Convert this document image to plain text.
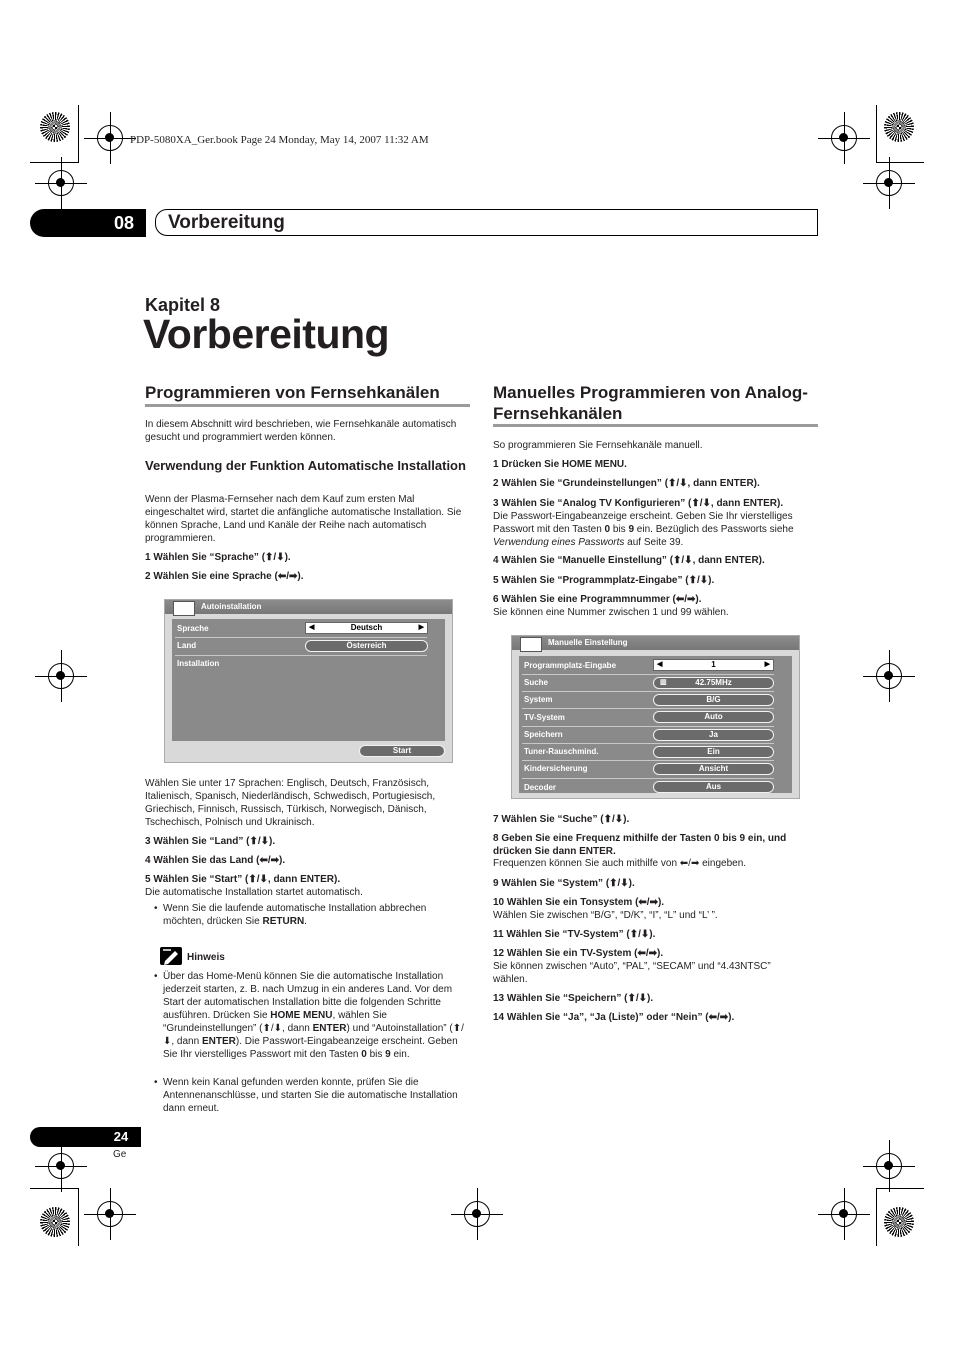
PDP-5080XA_Ger.book Page 24 Monday, May 14, 2007 11:32 AM
08	Vorbereitung
Kapitel 8
Vorbereitung
Programmieren von Fernsehkanälen
In diesem Abschnitt wird beschrieben, wie Fernsehkanäle automatisch gesucht und programmiert werden können.
Verwendung der Funktion Automatische Installation
Wenn der Plasma-Fernseher nach dem Kauf zum ersten Mal eingeschaltet wird, startet die anfängliche automatische Installation. Sie können Sprache, Land und Kanäle der Reihe nach automatisch programmieren.
1 Wählen Sie “Sprache” (⬆/⬇).
2 Wählen Sie eine Sprache (⬅/➡).
Autoinstallation
Sprache	◀	Deutsch	▶
Land	Österreich
Installation
Start
Wählen Sie unter 17 Sprachen: Englisch, Deutsch, Französisch, Italienisch, Spanisch, Niederländisch, Schwedisch, Portugiesisch, Griechisch, Finnisch, Russisch, Türkisch, Norwegisch, Dänisch, Tschechisch, Polnisch und Ukrainisch.
3 Wählen Sie “Land” (⬆/⬇).
4 Wählen Sie das Land (⬅/➡).
5 Wählen Sie “Start” (⬆/⬇, dann ENTER).
Die automatische Installation startet automatisch.
• Wenn Sie die laufende automatische Installation abbrechen möchten, drücken Sie RETURN.
Hinweis
• Über das Home-Menü können Sie die automatische Installation jederzeit starten, z. B. nach Umzug in ein anderes Land. Vor dem Start der automatischen Installation bitte die folgenden Schritte ausführen. Drücken Sie HOME MENU, wählen Sie “Grundeinstellungen” (⬆/⬇, dann ENTER) und “Autoinstallation” (⬆/⬇, dann ENTER). Die Passwort-Eingabeanzeige erscheint. Geben Sie Ihr vierstelliges Passwort mit den Tasten 0 bis 9 ein.
• Wenn kein Kanal gefunden werden konnte, prüfen Sie die Antennenanschlüsse, und starten Sie die automatische Installation dann erneut.
Manuelles Programmieren von Analog-Fernsehkanälen
So programmieren Sie Fernsehkanäle manuell.
1 Drücken Sie HOME MENU.
2 Wählen Sie “Grundeinstellungen” (⬆/⬇, dann ENTER).
3 Wählen Sie “Analog TV Konfigurieren” (⬆/⬇, dann ENTER).
Die Passwort-Eingabeanzeige erscheint. Geben Sie Ihr vierstelliges Passwort mit den Tasten 0 bis 9 ein. Bezüglich des Passworts siehe Verwendung eines Passworts auf Seite 39.
4 Wählen Sie “Manuelle Einstellung” (⬆/⬇, dann ENTER).
5 Wählen Sie “Programmplatz-Eingabe” (⬆/⬇).
6 Wählen Sie eine Programmnummer (⬅/➡).
Sie können eine Nummer zwischen 1 und 99 wählen.
Manuelle Einstellung
Programmplatz-Eingabe	◀	1	▶
Suche	▥	42.75MHz
System	B/G
TV-System	Auto
Speichern	Ja
Tuner-Rauschmind.	Ein
Kindersicherung	Ansicht
Decoder	Aus
7 Wählen Sie “Suche” (⬆/⬇).
8 Geben Sie eine Frequenz mithilfe der Tasten 0 bis 9 ein, und drücken Sie dann ENTER.
Frequenzen können Sie auch mithilfe von ⬅/➡ eingeben.
9 Wählen Sie “System” (⬆/⬇).
10 Wählen Sie ein Tonsystem (⬅/➡).
Wählen Sie zwischen “B/G”, “D/K”, “I”, “L” und “L’ ”.
11 Wählen Sie “TV-System” (⬆/⬇).
12 Wählen Sie ein TV-System (⬅/➡).
Sie können zwischen “Auto”, “PAL”, “SECAM” und “4.43NTSC” wählen.
13 Wählen Sie “Speichern” (⬆/⬇).
14 Wählen Sie “Ja”, “Ja (Liste)” oder “Nein” (⬅/➡).
24
Ge
